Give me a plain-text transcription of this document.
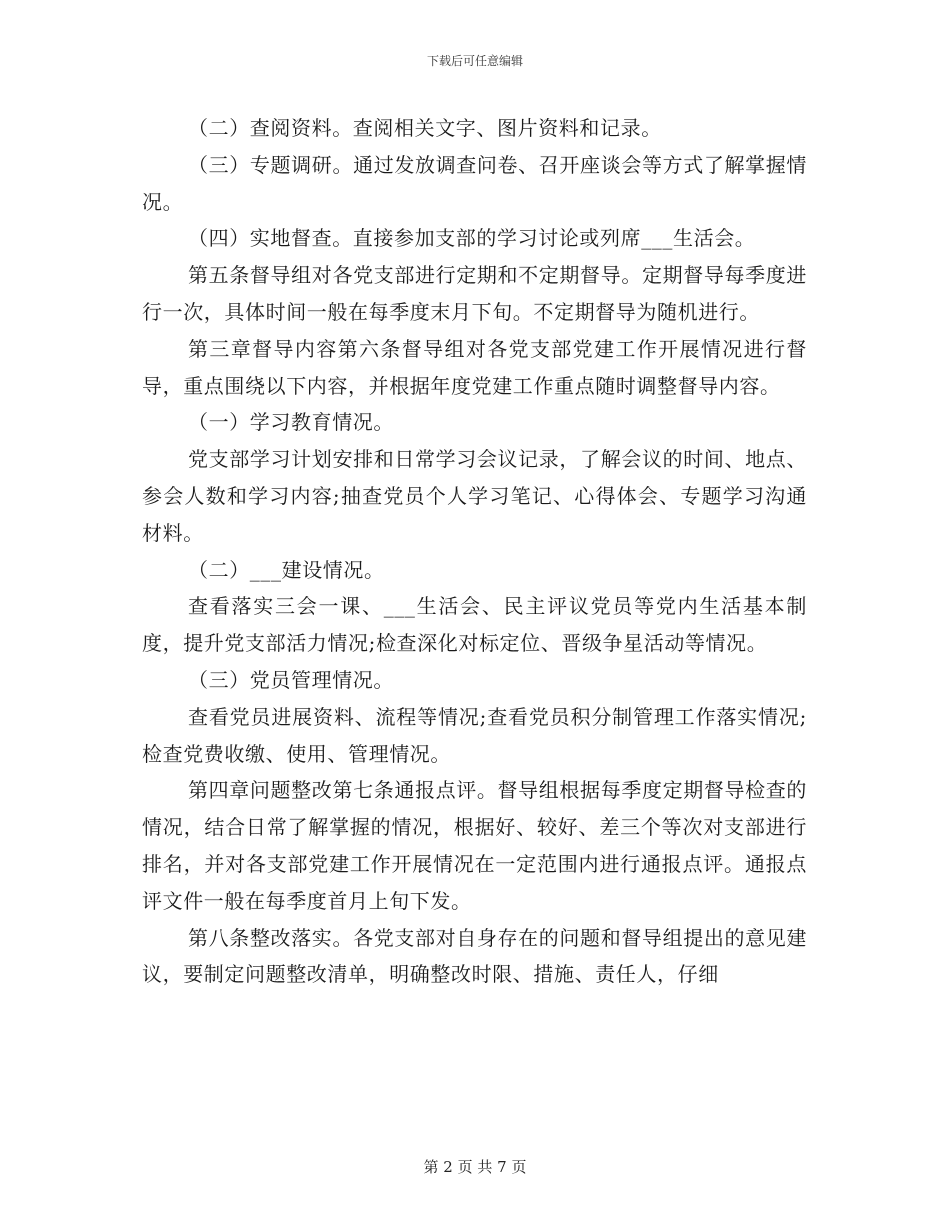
下载后可任意编辑

（二）查阅资料。查阅相关文字、图片资料和记录。

（三）专题调研。通过发放调查问卷、召开座谈会等方式了解掌握情况。

（四）实地督查。直接参加支部的学习讨论或列席___生活会。

第五条督导组对各党支部进行定期和不定期督导。定期督导每季度进行一次，具体时间一般在每季度末月下旬。不定期督导为随机进行。

第三章督导内容第六条督导组对各党支部党建工作开展情况进行督导，重点围绕以下内容，并根据年度党建工作重点随时调整督导内容。

（一）学习教育情况。

党支部学习计划安排和日常学习会议记录，了解会议的时间、地点、参会人数和学习内容;抽查党员个人学习笔记、心得体会、专题学习沟通材料。

（二）___建设情况。

查看落实三会一课、___生活会、民主评议党员等党内生活基本制度，提升党支部活力情况;检查深化对标定位、晋级争星活动等情况。

（三）党员管理情况。

查看党员进展资料、流程等情况;查看党员积分制管理工作落实情况;检查党费收缴、使用、管理情况。

第四章问题整改第七条通报点评。督导组根据每季度定期督导检查的情况，结合日常了解掌握的情况，根据好、较好、差三个等次对支部进行排名，并对各支部党建工作开展情况在一定范围内进行通报点评。通报点评文件一般在每季度首月上旬下发。

第八条整改落实。各党支部对自身存在的问题和督导组提出的意见建议，要制定问题整改清单，明确整改时限、措施、责任人，仔细

第 2 页 共 7 页
